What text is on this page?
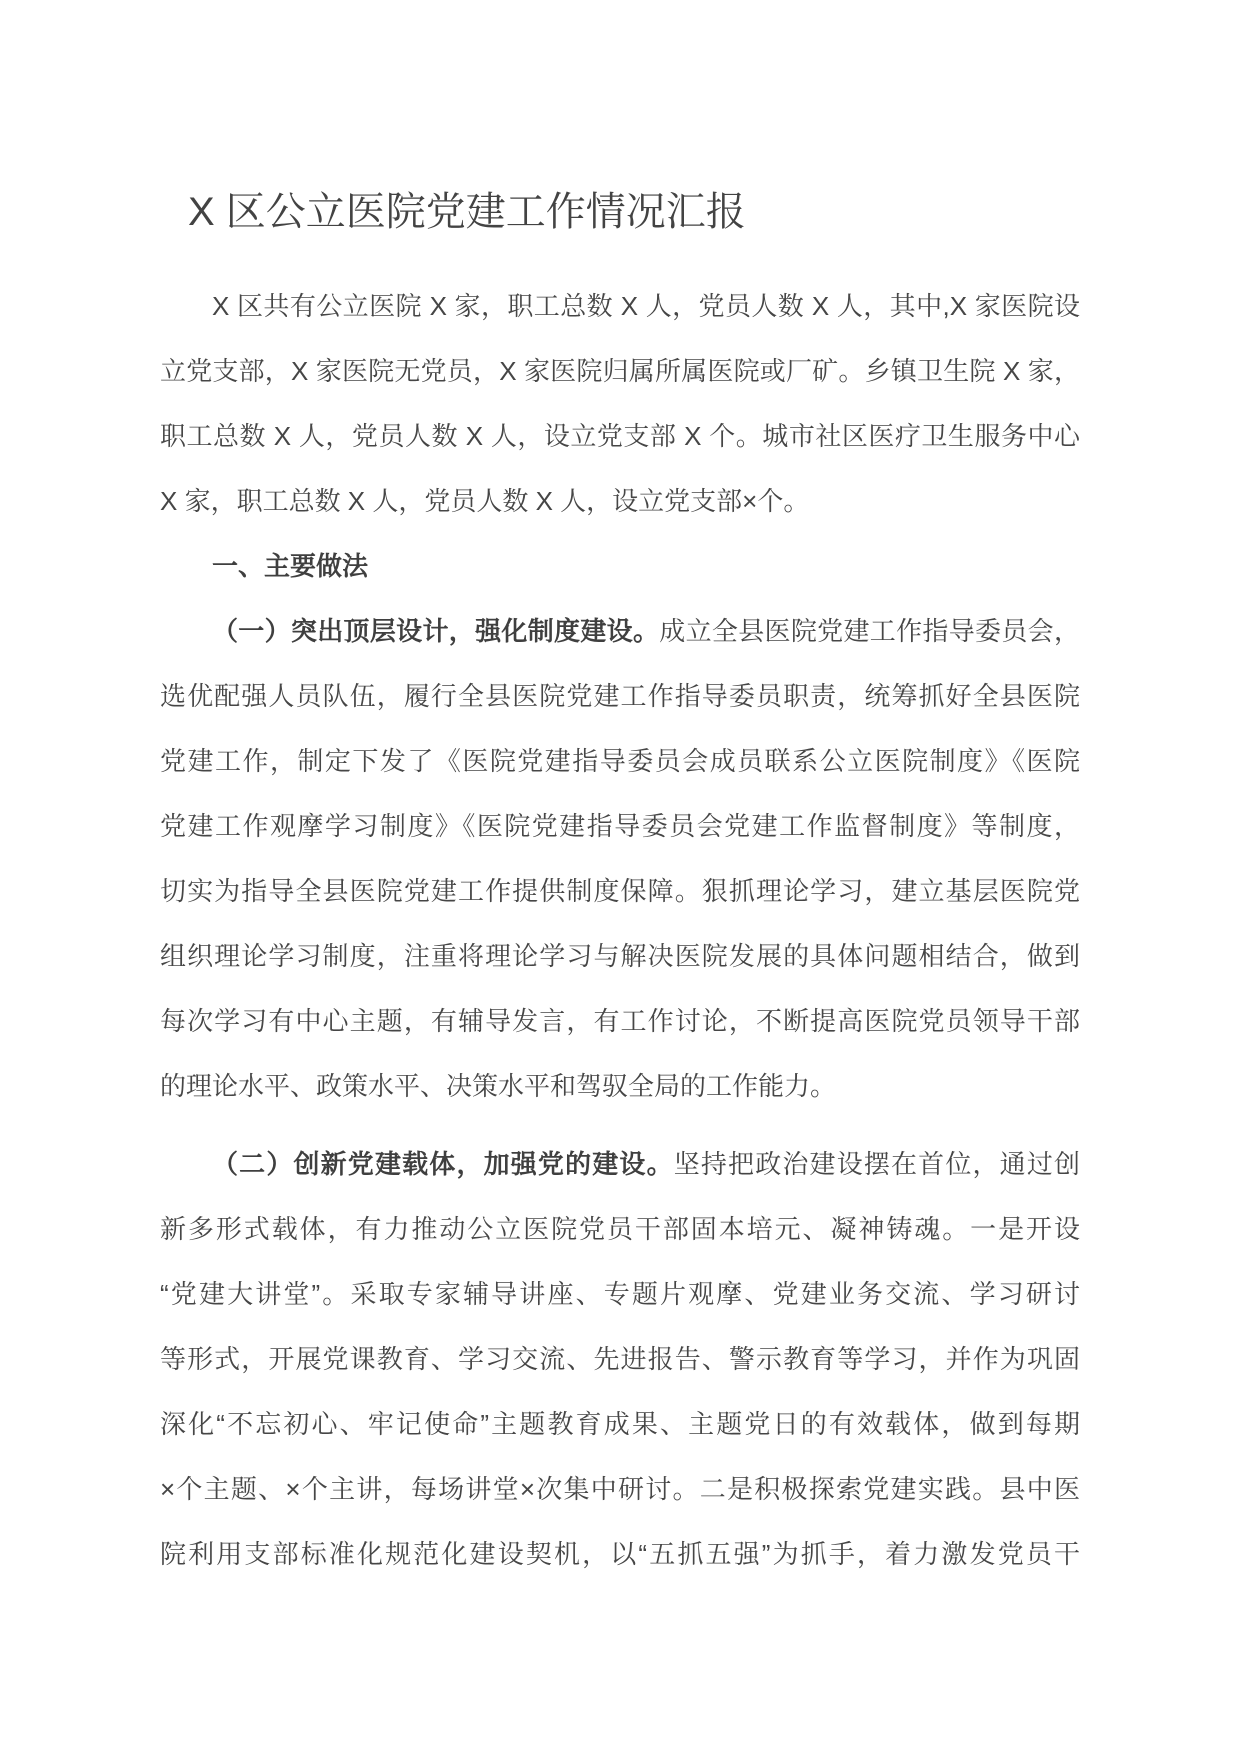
X 区公立医院党建工作情况汇报
X 区共有公立医院 X 家，职工总数 X 人，党员人数 X 人，其中,X 家医院设
立党支部，X 家医院无党员，X 家医院归属所属医院或厂矿。乡镇卫生院 X 家，
职工总数 X 人，党员人数 X 人，设立党支部 X 个。城市社区医疗卫生服务中心
X 家，职工总数 X 人，党员人数 X 人，设立党支部×个。
一、主要做法
（一）突出顶层设计，强化制度建设。成立全县医院党建工作指导委员会，
选优配强人员队伍，履行全县医院党建工作指导委员职责，统筹抓好全县医院
党建工作，制定下发了《医院党建指导委员会成员联系公立医院制度》《医院
党建工作观摩学习制度》《医院党建指导委员会党建工作监督制度》等制度，
切实为指导全县医院党建工作提供制度保障。狠抓理论学习，建立基层医院党
组织理论学习制度，注重将理论学习与解决医院发展的具体问题相结合，做到
每次学习有中心主题，有辅导发言，有工作讨论，不断提高医院党员领导干部
的理论水平、政策水平、决策水平和驾驭全局的工作能力。
（二）创新党建载体，加强党的建设。坚持把政治建设摆在首位，通过创
新多形式载体，有力推动公立医院党员干部固本培元、凝神铸魂。一是开设
“党建大讲堂”。采取专家辅导讲座、专题片观摩、党建业务交流、学习研讨
等形式，开展党课教育、学习交流、先进报告、警示教育等学习，并作为巩固
深化“不忘初心、牢记使命”主题教育成果、主题党日的有效载体，做到每期
×个主题、×个主讲，每场讲堂×次集中研讨。二是积极探索党建实践。县中医
院利用支部标准化规范化建设契机，以“五抓五强”为抓手，着力激发党员干
